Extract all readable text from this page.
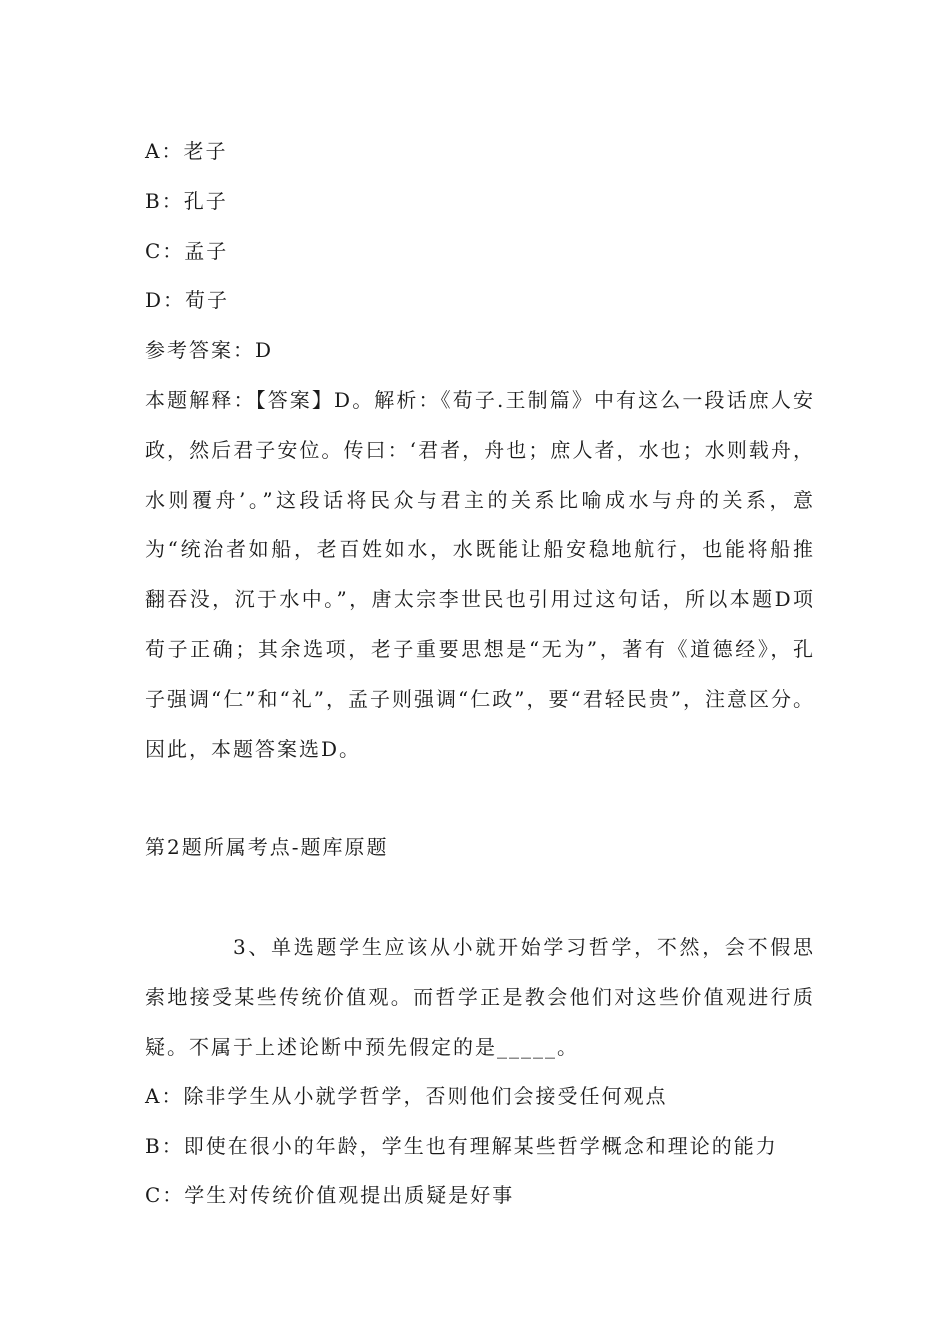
A：老子
B：孔子
C：孟子
D：荀子
参考答案：D
本题解释：【答案】D。解析：《荀子.王制篇》中有这么一段话庶人安政，然后君子安位。传曰：‘君者，舟也；庶人者，水也；水则载舟，水则覆舟’。”这段话将民众与君主的关系比喻成水与舟的关系，意为“统治者如船，老百姓如水，水既能让船安稳地航行，也能将船推翻吞没，沉于水中。”，唐太宗李世民也引用过这句话，所以本题D项荀子正确；其余选项，老子重要思想是“无为”，著有《道德经》，孔子强调“仁”和“礼”，孟子则强调“仁政”，要“君轻民贵”，注意区分。因此，本题答案选D。
第2题所属考点-题库原题
3、单选题学生应该从小就开始学习哲学，不然，会不假思索地接受某些传统价值观。而哲学正是教会他们对这些价值观进行质疑。不属于上述论断中预先假定的是_____。
A：除非学生从小就学哲学，否则他们会接受任何观点
B：即使在很小的年龄，学生也有理解某些哲学概念和理论的能力
C：学生对传统价值观提出质疑是好事
